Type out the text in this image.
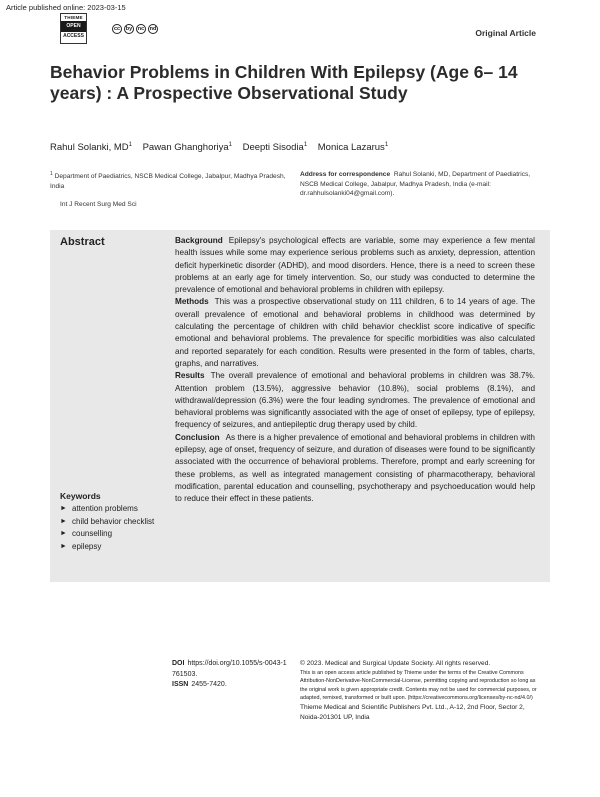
Article published online: 2023-03-15
THIEME
OPEN
ACCESS
cc	by	nc nd	Original Article
Behavior Problems in Children With Epilepsy (Age 6– 14 years) : A Prospective Observational Study
Rahul Solanki, $MD^1$ Pawan Ghanghoriya$^1$ Deepti Sisodia$^1$ Monica Lazarus$^1$
$^1$ Department of Paediatrics, NSCB Medical College, Jabalpur, Madhya Pradesh, India
Int J Recent Surg Med Sci
Address for correspondence Rahul Solanki, MD, Department of Paediatrics, NSCB Medical College, Jabalpur, Madhya Pradesh, India (e-mail: dr.rahhulsolanki04@gmail.com).
Abstract	Background Epilepsy's psychological effects are variable, some may experience a few mental health issues while some may experience serious problems such as anxiety, depression, attention deficit hyperkinetic disorder (ADHD), and mood disorders. Hence, there is a need to screen these problems at an early age for timely intervention. So, our study was conducted to determine the prevalence of emotional and behavioral problems in children with epilepsy.

Methods This was a prospective observational study on 111 children, 6 to 14 years of age. The overall prevalence of emotional and behavioral problems in childhood was determined by calculating the percentage of children with child behavior checklist score indicative of specific emotional and behavioral problems. The prevalence for specific morbidities was also calculated and reported separately for each condition. Results were presented in the form of tables, charts, graphs, and narratives.

Results The overall prevalence of emotional and behavioral problems in children was 38.7%. Attention problem (13.5%), aggressive behavior (10.8%), social problems (8.1%), and withdrawal/depression (6.3%) were the four leading syndromes. The prevalence of emotional and behavioral problems was significantly associated with the age of onset of epilepsy, type of epilepsy, frequency of seizures, and antiepileptic drug therapy used by child.

Conclusion As there is a higher prevalence of emotional and behavioral problems in children with epilepsy, age of onset, frequency of seizure, and duration of diseases were found to be significantly associated with the occurrence of behavioral problems. Therefore, prompt and early screening for these problems, as well as integrated management consisting of pharmacotherapy, behavioral modification, parental education and counselling, psychotherapy and psychoeducation would help to reduce their effect in these patients.

Keywords
► attention problems
► child behavior checklist
► counselling
► epilepsy
DOI https://doi.org/10.1055/s-0043-1761503.
ISSN 2455-7420.
© 2023. Medical and Surgical Update Society. All rights reserved.
This is an open access article published by Thieme under the terms of the Creative Commons Attribution-NonDerivative-NonCommercial-License, permitting copying and reproduction so long as the original work is given appropriate credit. Contents may not be used for commercial purposes, or adapted, remixed, transformed or built upon. (https://creativecommons.org/licenses/by-nc-nd/4.0/)
Thieme Medical and Scientific Publishers Pvt. Ltd., A-12, 2nd Floor, Sector 2, Noida-201301 UP, India
